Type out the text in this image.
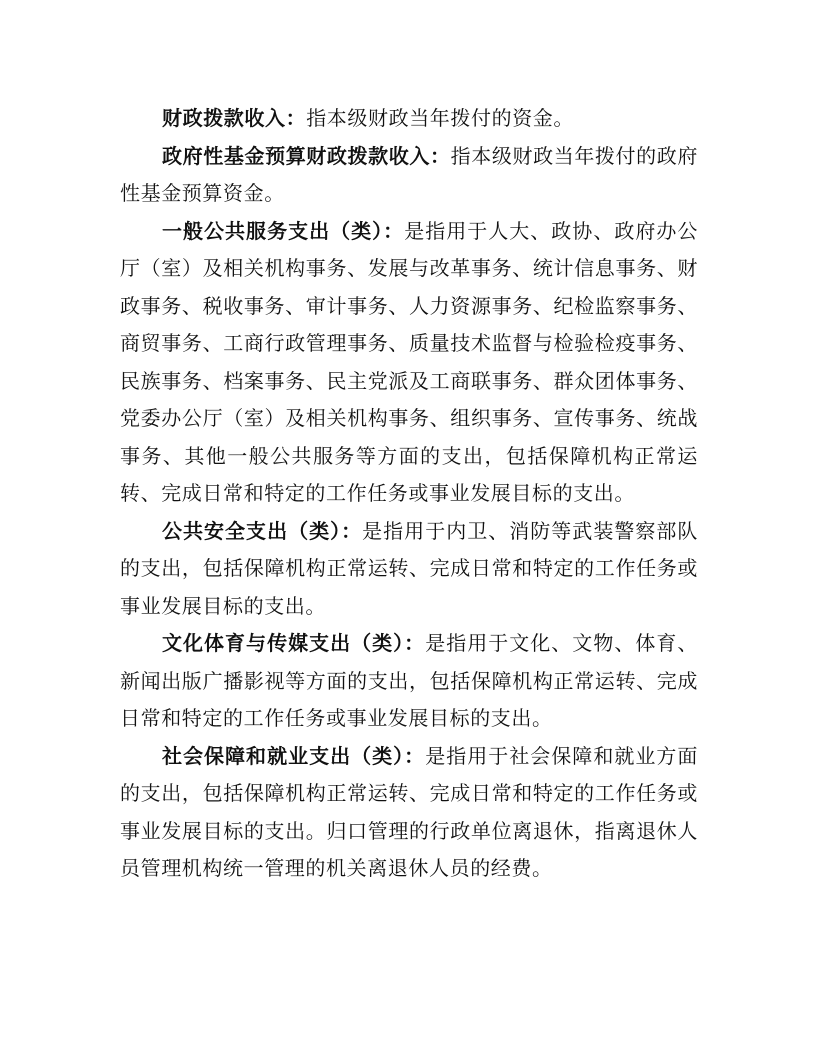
财政拨款收入：指本级财政当年拨付的资金。

政府性基金预算财政拨款收入：指本级财政当年拨付的政府性基金预算资金。

一般公共服务支出（类）：是指用于人大、政协、政府办公厅（室）及相关机构事务、发展与改革事务、统计信息事务、财政事务、税收事务、审计事务、人力资源事务、纪检监察事务、商贸事务、工商行政管理事务、质量技术监督与检验检疫事务、民族事务、档案事务、民主党派及工商联事务、群众团体事务、党委办公厅（室）及相关机构事务、组织事务、宣传事务、统战事务、其他一般公共服务等方面的支出，包括保障机构正常运转、完成日常和特定的工作任务或事业发展目标的支出。

公共安全支出（类）：是指用于内卫、消防等武装警察部队的支出，包括保障机构正常运转、完成日常和特定的工作任务或事业发展目标的支出。

文化体育与传媒支出（类）：是指用于文化、文物、体育、新闻出版广播影视等方面的支出，包括保障机构正常运转、完成日常和特定的工作任务或事业发展目标的支出。

社会保障和就业支出（类）：是指用于社会保障和就业方面的支出，包括保障机构正常运转、完成日常和特定的工作任务或事业发展目标的支出。归口管理的行政单位离退休，指离退休人员管理机构统一管理的机关离退休人员的经费。
